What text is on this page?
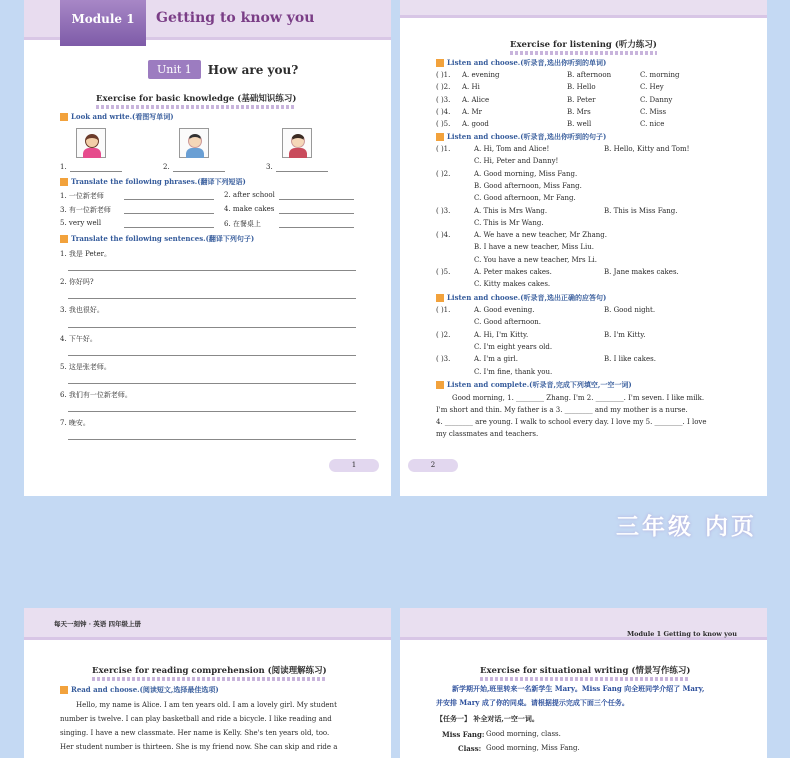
Module 1	Getting to know you
Unit 1	How are you?
Exercise for basic knowledge (基础知识练习)
Look and write.(看图写单词)
1.	2.	3.
Translate the following phrases.(翻译下列短语)
1. 一位新老师	2. after school
3. 有一位新老师	4. make cakes
5. very well	6. 在餐桌上
Translate the following sentences.(翻译下列句子)
1. 我是 Peter。
2. 你好吗?
3. 我也很好。
4. 下午好。
5. 这是张老师。
6. 我们有一位新老师。
7. 晚安。
1
Exercise for listening (听力练习)
Listen and choose.(听录音,选出你听到的单词)
( )1. A. evening	B. afternoon	C. morning
( )2. A. Hi	B. Hello	C. Hey
( )3. A. Alice	B. Peter	C. Danny
( )4. A. Mr	B. Mrs	C. Miss
( )5. A. good	B. well	C. nice
Listen and choose.(听录音,选出你听到的句子)
( )1.	A. Hi, Tom and Alice!	B. Hello, Kitty and Tom!
C. Hi, Peter and Danny!
( )2.	A. Good morning, Miss Fang.
B. Good afternoon, Miss Fang.
C. Good afternoon, Mr Fang.
( )3.	A. This is Mrs Wang.	B. This is Miss Fang.
C. This is Mr Wang.
( )4.	A. We have a new teacher, Mr Zhang.
B. I have a new teacher, Miss Liu.
C. You have a new teacher, Mrs Li.
( )5.	A. Peter makes cakes.	B. Jane makes cakes.
C. Kitty makes cakes.
Listen and choose.(听录音,选出正确的应答句)
( )1.	A. Good evening.	B. Good night.
C. Good afternoon.
( )2.	A. Hi, I'm Kitty.	B. I'm Kitty.
C. I'm eight years old.
( )3.	A. I'm a girl.	B. I like cakes.
C. I'm fine, thank you.
Listen and complete.(听录音,完成下列填空,一空一词)
Good morning, 1. ________ Zhang. I'm 2. ________. I'm seven. I like milk.
I'm short and thin. My father is a 3. ________ and my mother is a nurse.
4. ________ are young. I walk to school every day. I love my 5. ________. I love
my classmates and teachers.
2
三年级 内页
每天一刻钟 · 英语 四年级上册
Exercise for reading comprehension (阅读理解练习)
Read and choose.(阅读短文,选择最佳选项)
Hello, my name is Alice. I am ten years old. I am a lovely girl. My student
number is twelve. I can play basketball and ride a bicycle. I like reading and
singing. I have a new classmate. Her name is Kelly. She's ten years old, too.
Her student number is thirteen. She is my friend now. She can skip and ride a
Module 1 Getting to know you
Exercise for situational writing (情景写作练习)
新学期开始,班里转来一名新学生 Mary。Miss Fang 向全班同学介绍了 Mary,
并安排 Mary 成了你的同桌。请根据提示完成下面三个任务。
【任务一】 补全对话,一空一词。
Miss Fang: Good morning, class.
Class: Good morning, Miss Fang.
